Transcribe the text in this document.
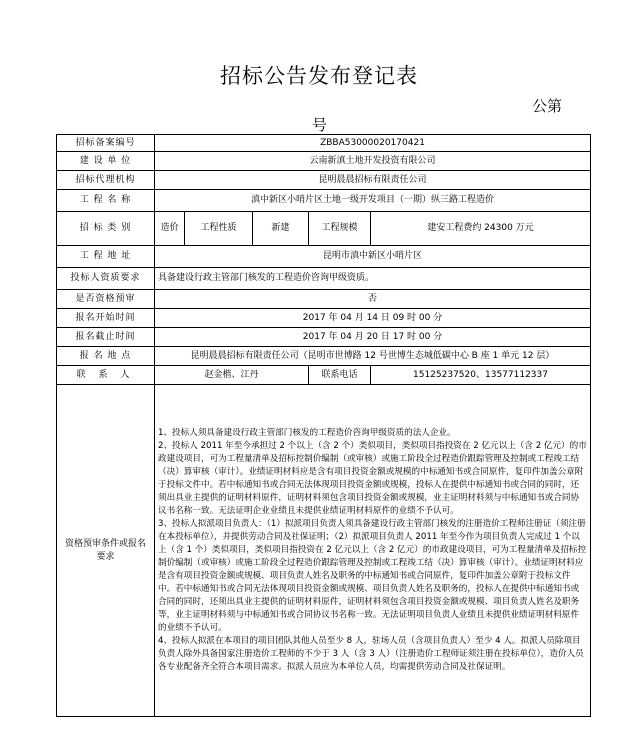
招标公告发布登记表
公第
号
招标备案编号	ZBBA53000020170421				
建 设 单 位	云南新滇土地开发投资有限公司				
招标代理机构	昆明晨晨招标有限责任公司				
工 程 名 称	滇中新区小哨片区土地一级开发项目（一期）纵三路工程造价				
招 标 类 别	造价	工程性质	新建	工程规模	建安工程费约 24300 万元
工 程 地 址	昆明市滇中新区小哨片区				
投标人资质要求	具备建设行政主管部门核发的工程造价咨询甲级资质。				
是否资格预审	否				
报名开始时间	2017 年 04 月 14 日 09 时 00 分				
报名截止时间	2017 年 04 月 20 日 17 时 00 分				
报 名 地 点	昆明晨晨招标有限责任公司（昆明市世博路 12 号世博生态城低碳中心 B 座 1 单元 12 层）				
联 系 人	赵金楷、江丹			联系电话	15125237520、13577112337
资格预审条件或报名要求	1、投标人须具备建设行政主管部门核发的工程造价咨询甲级资质的法人企业。

2、投标人 2011 年至今承担过 2 个以上（含 2 个）类似项目，类似项目指投资在 2 亿元以上（含 2 亿元）的市政建设项目，可为工程量清单及招标控制价编制（或审核）或施工阶段全过程造价跟踪管理及控制或工程竣工结（决）算审核（审计）。业绩证明材料应是含有项目投资金额或规模的中标通知书或合同原件，复印件加盖公章附于投标文件中。若中标通知书或合同无法体现项目投资金额或规模，投标人在提供中标通知书或合同的同时，还须出具业主提供的证明材料原件，证明材料须包含项目投资金额或规模，业主证明材料须与中标通知书或合同协议书名称一致。无法证明企业业绩且未提供业绩证明材料原件的业绩不予认可。

3、投标人拟派项目负责人：（1）拟派项目负责人须具备建设行政主管部门核发的注册造价工程师注册证（须注册在本投标单位），并提供劳动合同及社保证明；（2）拟派项目负责人 2011 年至今作为项目负责人完成过 1 个以上（含 1 个）类似项目，类似项目指投资在 2 亿元以上（含 2 亿元）的市政建设项目，可为工程量清单及招标控制价编制（或审核）或施工阶段全过程造价跟踪管理及控制或工程竣工结（决）算审核（审计）。业绩证明材料应是含有项目投资金额或规模、项目负责人姓名及职务的中标通知书或合同原件，复印件加盖公章附于投标文件中。若中标通知书或合同无法体现项目投资金额或规模、项目负责人姓名及职务的，投标人在提供中标通知书或合同的同时，还须出具业主提供的证明材料原件，证明材料须包含项目投资金额或规模、项目负责人姓名及职务等，业主证明材料须与中标通知书或合同协议书名称一致。无法证明项目负责人业绩且未提供业绩证明材料原件的业绩不予认可。

4、投标人拟派在本项目的项目团队其他人员至少 8 人，驻场人员（含项目负责人）至少 4 人。拟派人员除项目负责人除外具备国家注册造价工程师的不少于 3 人（含 3 人）（注册造价工程师证须注册在投标单位），造价人员各专业配备齐全符合本项目需求。拟派人员应为本单位人员，均需提供劳动合同及社保证明。				
